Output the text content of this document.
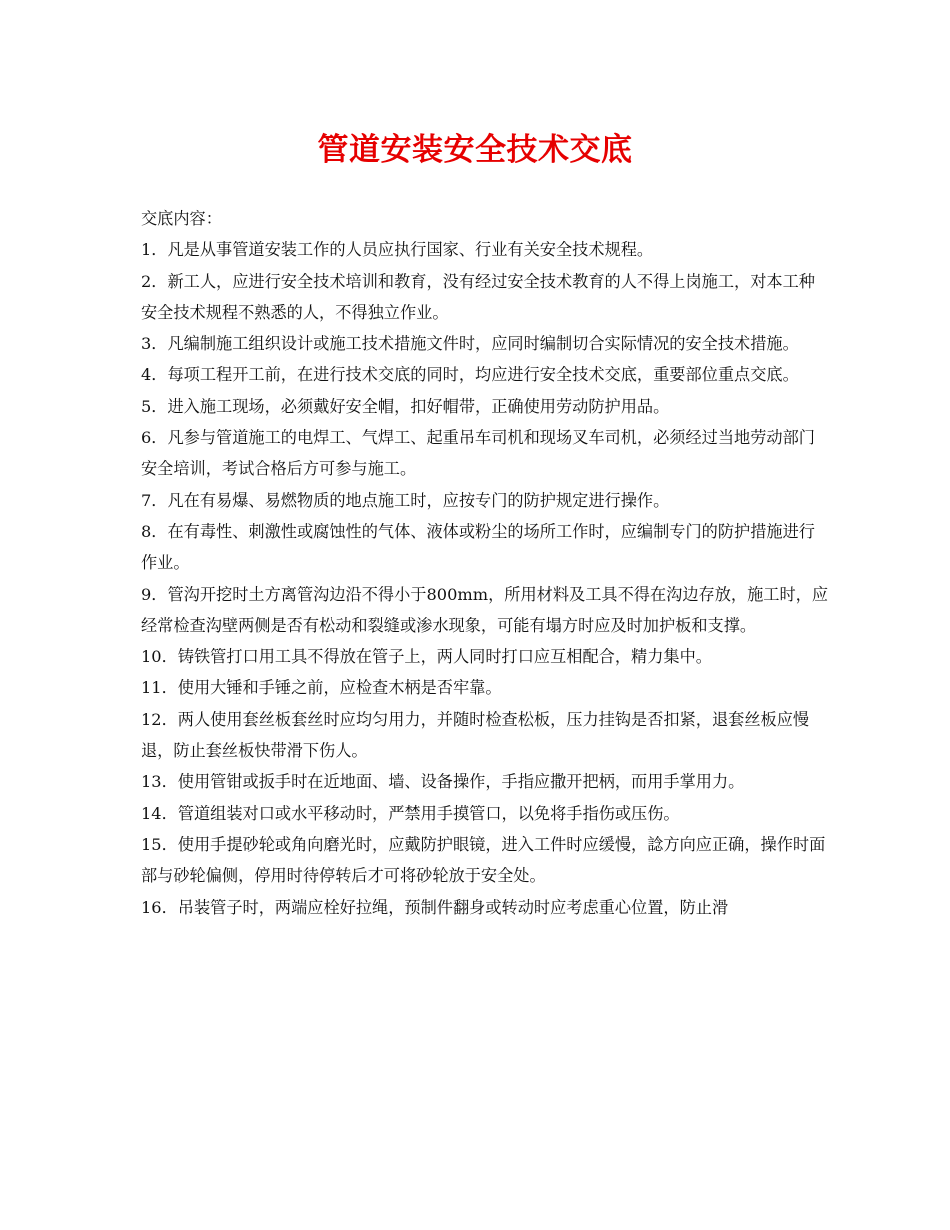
管道安装安全技术交底

交底内容：

1．凡是从事管道安装工作的人员应执行国家、行业有关安全技术规程。

2．新工人，应进行安全技术培训和教育，没有经过安全技术教育的人不得上岗施工，对本工种安全技术规程不熟悉的人，不得独立作业。

3．凡编制施工组织设计或施工技术措施文件时，应同时编制切合实际情况的安全技术措施。

4．每项工程开工前，在进行技术交底的同时，均应进行安全技术交底，重要部位重点交底。

5．进入施工现场，必须戴好安全帽，扣好帽带，正确使用劳动防护用品。

6．凡参与管道施工的电焊工、气焊工、起重吊车司机和现场叉车司机，必须经过当地劳动部门安全培训，考试合格后方可参与施工。

7．凡在有易爆、易燃物质的地点施工时，应按专门的防护规定进行操作。

8．在有毒性、刺激性或腐蚀性的气体、液体或粉尘的场所工作时，应编制专门的防护措施进行作业。

9．管沟开挖时土方离管沟边沿不得小于800mm，所用材料及工具不得在沟边存放，施工时，应经常检查沟壁两侧是否有松动和裂缝或渗水现象，可能有塌方时应及时加护板和支撑。

10．铸铁管打口用工具不得放在管子上，两人同时打口应互相配合，精力集中。

11．使用大锤和手锤之前，应检查木柄是否牢靠。

12．两人使用套丝板套丝时应均匀用力，并随时检查松板，压力挂钩是否扣紧，退套丝板应慢退，防止套丝板快带滑下伤人。

13．使用管钳或扳手时在近地面、墙、设备操作，手指应撒开把柄，而用手掌用力。

14．管道组装对口或水平移动时，严禁用手摸管口，以免将手指伤或压伤。

15．使用手提砂轮或角向磨光时，应戴防护眼镜，进入工件时应缓慢，諗方向应正确，操作时面部与砂轮偏侧，停用时待停转后才可将砂轮放于安全处。

16．吊装管子时，两端应栓好拉绳，预制件翻身或转动时应考虑重心位置，防止滑
